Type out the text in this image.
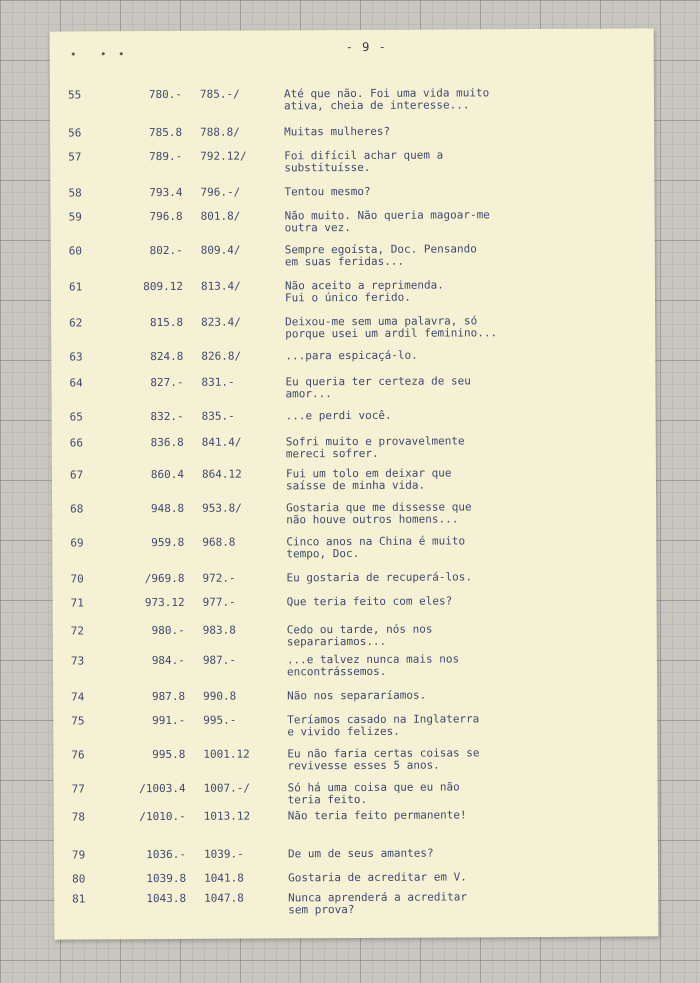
- 9 -
55	780.- 785.-/	Até que não. Foi uma vida muito
ativa, cheia de interesse...
56	785.8 788.8/	Muitas mulheres?
57	789.- 792.12/	Foi difícil achar quem a
substituísse.
58	793.4 796.-/	Tentou mesmo?
59	796.8 801.8/	Não muito. Não queria magoar-me
outra vez.
60	802.- 809.4/	Sempre egoísta, Doc. Pensando
em suas feridas...
61	809.12 813.4/	Não aceito a reprimenda.
Fui o único ferido.
62	815.8 823.4/	Deixou-me sem uma palavra, só
porque usei um ardil feminino...
63	824.8 826.8/	...para espicaçá-lo.
64	827.- 831.-	Eu queria ter certeza de seu
amor...
65	832.- 835.-	...e perdi você.
66	836.8 841.4/	Sofri muito e provavelmente
mereci sofrer.
67	860.4 864.12	Fui um tolo em deixar que
saísse de minha vida.
68	948.8 953.8/	Gostaria que me dissesse que
não houve outros homens...
69	959.8 968.8	Cinco anos na China é muito
tempo, Doc.
70	/969.8 972.-	Eu gostaria de recuperá-los.
71	973.12 977.-	Que teria feito com eles?
72	980.- 983.8	Cedo ou tarde, nós nos
separariamos...
73	984.- 987.-	...e talvez nunca mais nos
encontrássemos.
74	987.8 990.8	Não nos separaríamos.
75	991.- 995.-	Teríamos casado na Inglaterra
e vivido felizes.
76	995.8 1001.12	Eu não faria certas coisas se
revivesse esses 5 anos.
77	/1003.4 1007.-/	Só há uma coisa que eu não
teria feito.
78	/1010.- 1013.12	Não teria feito permanente!
79	1036.- 1039.-	De um de seus amantes?
80	1039.8 1041.8	Gostaria de acreditar em V.
81	1043.8 1047.8	Nunca aprenderá a acreditar
sem prova?
